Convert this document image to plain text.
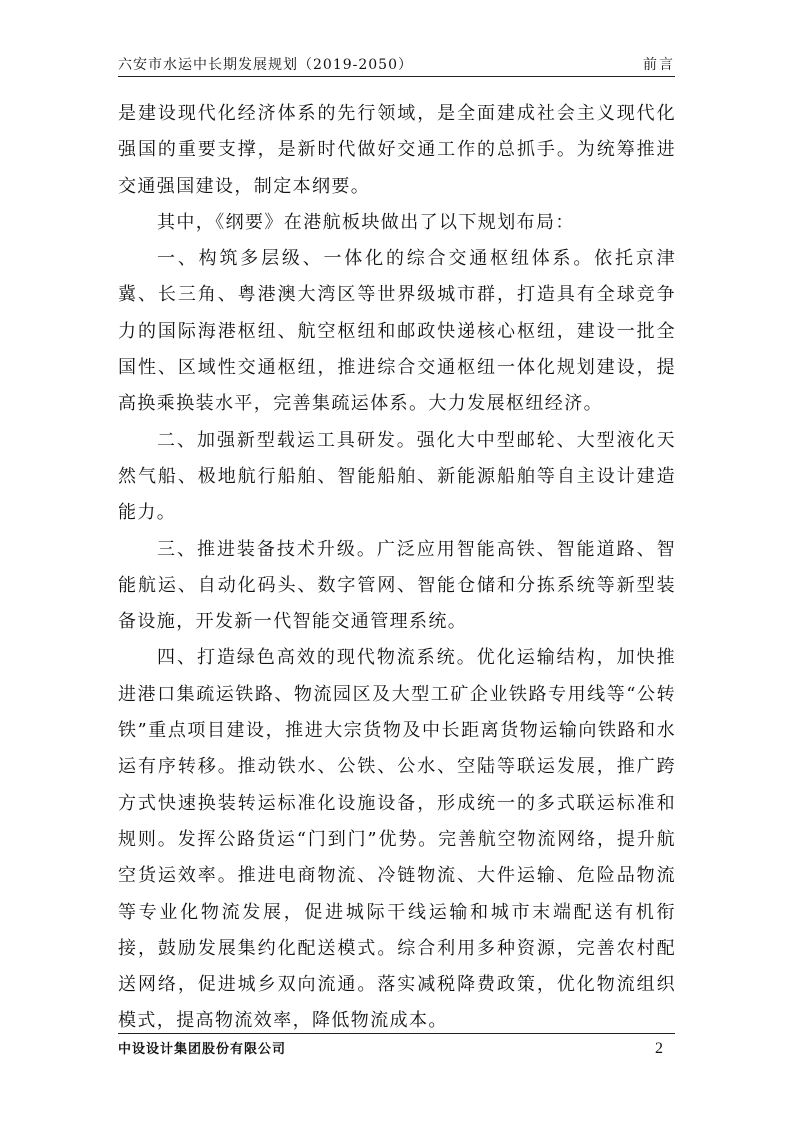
六安市水运中长期发展规划（2019-2050）	前言

是建设现代化经济体系的先行领域，是全面建成社会主义现代化强国的重要支撑，是新时代做好交通工作的总抓手。为统筹推进交通强国建设，制定本纲要。

其中，《纲要》在港航板块做出了以下规划布局：

一、构筑多层级、一体化的综合交通枢纽体系。依托京津冀、长三角、粤港澳大湾区等世界级城市群，打造具有全球竞争力的国际海港枢纽、航空枢纽和邮政快递核心枢纽，建设一批全国性、区域性交通枢纽，推进综合交通枢纽一体化规划建设，提高换乘换装水平，完善集疏运体系。大力发展枢纽经济。

二、加强新型载运工具研发。强化大中型邮轮、大型液化天然气船、极地航行船舶、智能船舶、新能源船舶等自主设计建造能力。

三、推进装备技术升级。广泛应用智能高铁、智能道路、智能航运、自动化码头、数字管网、智能仓储和分拣系统等新型装备设施，开发新一代智能交通管理系统。

四、打造绿色高效的现代物流系统。优化运输结构，加快推进港口集疏运铁路、物流园区及大型工矿企业铁路专用线等“公转铁”重点项目建设，推进大宗货物及中长距离货物运输向铁路和水运有序转移。推动铁水、公铁、公水、空陆等联运发展，推广跨方式快速换装转运标准化设施设备，形成统一的多式联运标准和规则。发挥公路货运“门到门”优势。完善航空物流网络，提升航空货运效率。推进电商物流、冷链物流、大件运输、危险品物流等专业化物流发展，促进城际干线运输和城市末端配送有机衔接，鼓励发展集约化配送模式。综合利用多种资源，完善农村配送网络，促进城乡双向流通。落实减税降费政策，优化物流组织模式，提高物流效率，降低物流成本。

中设设计集团股份有限公司	2
